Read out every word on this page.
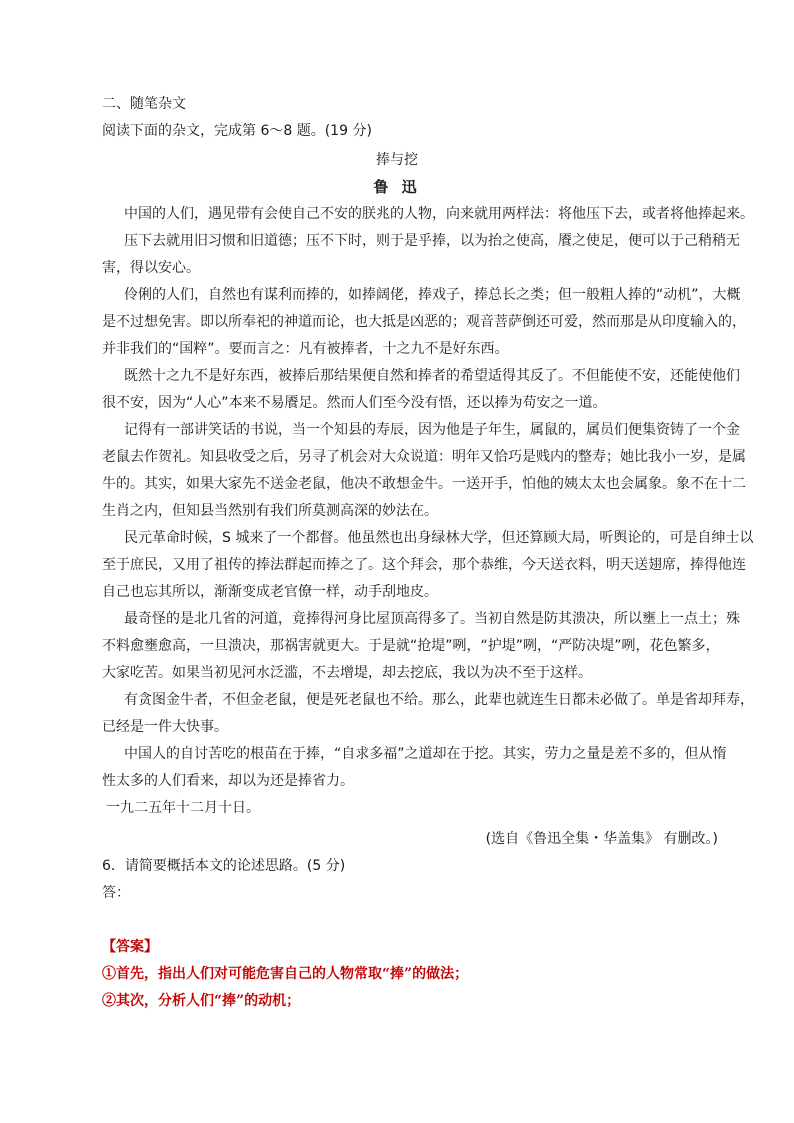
二、随笔杂文
阅读下面的杂文，完成第 6～8 题。(19 分)
捧与挖
鲁 迅
中国的人们，遇见带有会使自己不安的朕兆的人物，向来就用两样法：将他压下去，或者将他捧起来。
压下去就用旧习惯和旧道德；压不下时，则于是乎捧，以为抬之使高，餍之使足，便可以于己稍稍无
害，得以安心。
伶俐的人们，自然也有谋利而捧的，如捧阔佬，捧戏子，捧总长之类；但一般粗人捧的“动机”，大概
是不过想免害。即以所奉祀的神道而论，也大抵是凶恶的；观音菩萨倒还可爱，然而那是从印度输入的，
并非我们的“国粹”。要而言之：凡有被捧者，十之九不是好东西。
既然十之九不是好东西，被捧后那结果便自然和捧者的希望适得其反了。不但能使不安，还能使他们
很不安，因为“人心”本来不易餍足。然而人们至今没有悟，还以捧为苟安之一道。
记得有一部讲笑话的书说，当一个知县的寿辰，因为他是子年生，属鼠的，属员们便集资铸了一个金
老鼠去作贺礼。知县收受之后，另寻了机会对大众说道：明年又恰巧是贱内的整寿；她比我小一岁，是属
牛的。其实，如果大家先不送金老鼠，他决不敢想金牛。一送开手，怕他的姨太太也会属象。象不在十二
生肖之内，但知县当然别有我们所莫测高深的妙法在。
民元革命时候，S 城来了一个都督。他虽然也出身绿林大学，但还算顾大局，听舆论的，可是自绅士以
至于庶民，又用了祖传的捧法群起而捧之了。这个拜会，那个恭维，今天送衣料，明天送翅席，捧得他连
自己也忘其所以，渐渐变成老官僚一样，动手刮地皮。
最奇怪的是北几省的河道，竟捧得河身比屋顶高得多了。当初自然是防其溃决，所以壅上一点土；殊
不料愈壅愈高，一旦溃决，那祸害就更大。于是就“抢堤”咧，“护堤”咧，“严防决堤”咧，花色繁多，
大家吃苦。如果当初见河水泛滥，不去增堤，却去挖底，我以为决不至于这样。
有贪图金牛者，不但金老鼠，便是死老鼠也不给。那么，此辈也就连生日都未必做了。单是省却拜寿，
已经是一件大快事。
中国人的自讨苦吃的根苗在于捧，“自求多福”之道却在于挖。其实，劳力之量是差不多的，但从惰
性太多的人们看来，却以为还是捧省力。
一九二五年十二月十日。
(选自《鲁迅全集・华盖集》 有删改。)
6．请简要概括本文的论述思路。(5 分)
答：
【答案】
①首先，指出人们对可能危害自己的人物常取“捧”的做法；
②其次，分析人们“捧”的动机；
